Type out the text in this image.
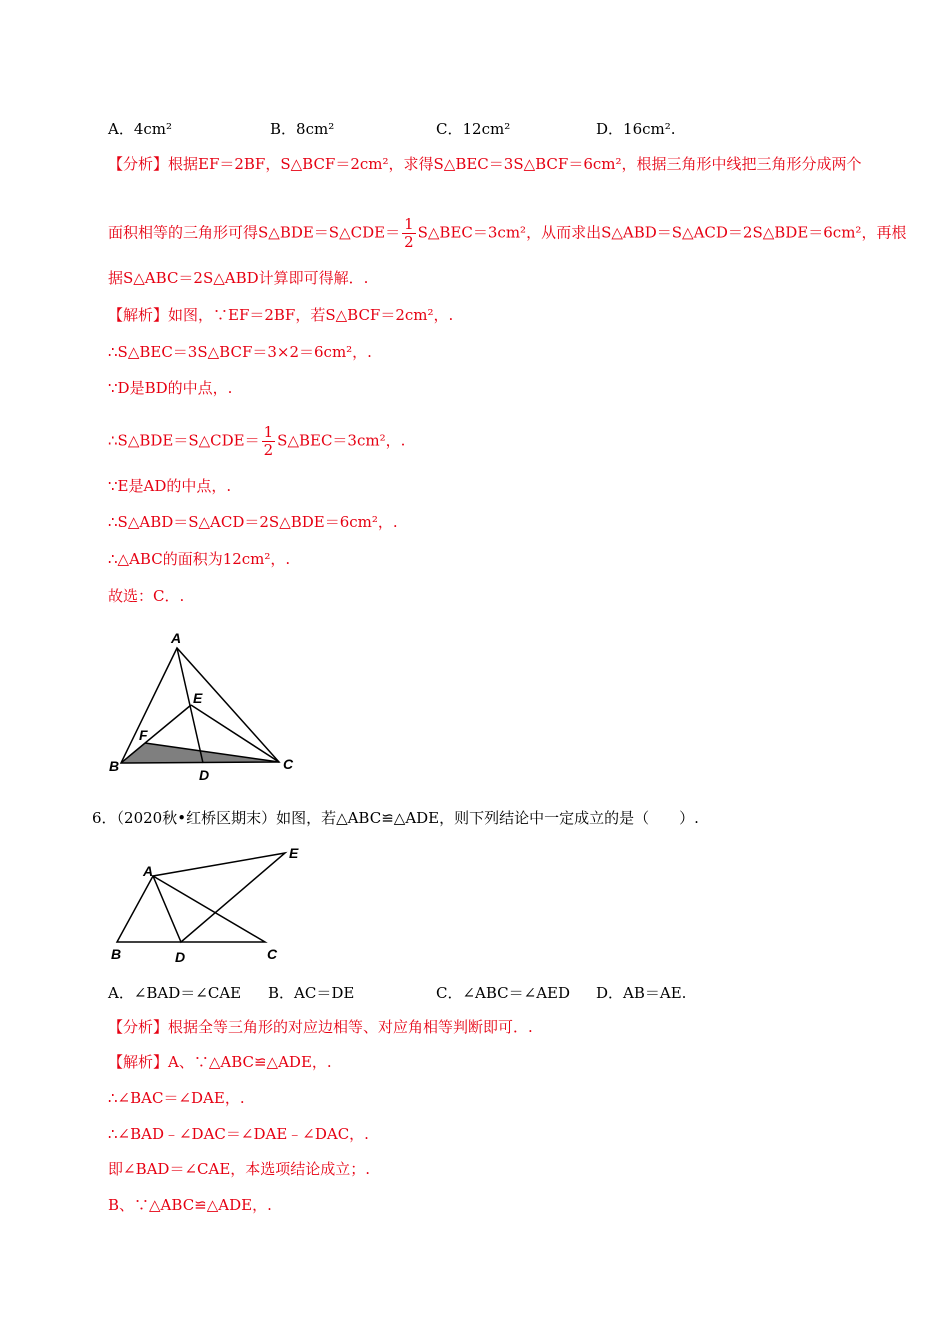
A．4cm²	B．8cm²	C．12cm²	D．16cm².
【分析】根据EF＝2BF，S△BCF＝2cm²，求得S△BEC＝3S△BCF＝6cm²，根据三角形中线把三角形分成两个
面积相等的三角形可得S△BDE＝S△CDE＝ $\frac{1}{2}$ S△BEC＝3cm²，从而求出S△ABD＝S△ACD＝2S△BDE＝6cm²，再根
据S△ABC＝2S△ABD计算即可得解．.
【解析】如图，∵EF＝2BF，若S△BCF＝2cm²，.
∴S△BEC＝3S△BCF＝3×2＝6cm²，.
∵D是BD的中点，.
∴S△BDE＝S△CDE＝ $\frac{1}{2}$ S△BEC＝3cm²，.
∵E是AD的中点，.
∴S△ABD＝S△ACD＝2S△BDE＝6cm²，.
∴△ABC的面积为12cm²，.
故选：C．.
A
B	C
D
E
F
6．（2020秋•红桥区期末）如图，若△ABC≌△ADE，则下列结论中一定成立的是（　　）.
A
B	C
D
E
A．∠BAD＝∠CAE B．AC＝DE	C．∠ABC＝∠AED D．AB＝AE.
【分析】根据全等三角形的对应边相等、对应角相等判断即可．.
【解析】A、∵△ABC≌△ADE，.
∴∠BAC＝∠DAE，.
∴∠BAD﹣∠DAC＝∠DAE﹣∠DAC，.
即∠BAD＝∠CAE，本选项结论成立；.
B、∵△ABC≌△ADE，.
